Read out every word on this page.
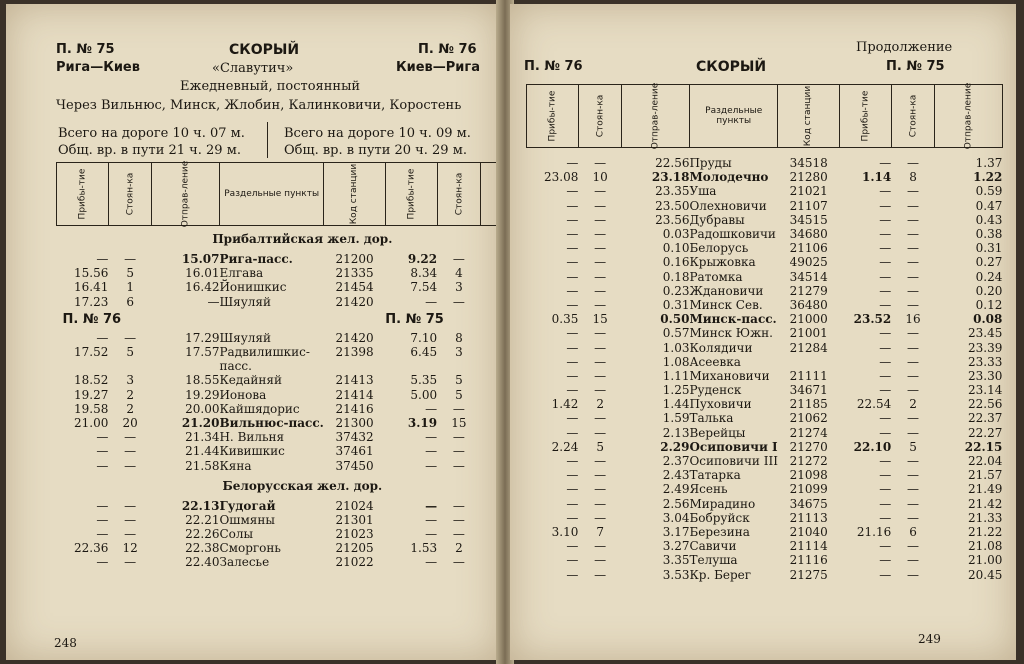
П. № 75	СКОРЫЙ	П. № 76
Рига—Киев	«Славутич»	Киев—Рига
Ежедневный, постоянный
Через Вильнюс, Минск, Жлобин, Калинковичи, Коростень
Всего на дороге 10 ч. 07 м.
Общ. вр. в пути 21 ч. 29 м.
Всего на дороге 10 ч. 09 м.
Общ. вр. в пути 20 ч. 29 м.
Прибы-тие	Стоян-ка	Отправ-ление	Раздельные пункты	Код станции	Прибы-тие	Стоян-ка	
Прибалтийская жел. дор.							
—	—	15.07	Рига-пасс.	21200	9.22	—	
15.56	5	16.01	Елгава	21335	8.34	4	
16.41	1	16.42	Йонишкис	21454	7.54	3	
17.23	6	—	Шяуляй	21420	—	—	
П. № 76					П. № 75		
—	—	17.29	Шяуляй	21420	7.10	8	
17.52	5	17.57	Радвилишкис-	21398	6.45	3	
			пасс.				
18.52	3	18.55	Кедайняй	21413	5.35	5	
19.27	2	19.29	Ионова	21414	5.00	5	
19.58	2	20.00	Кайшядорис	21416	—	—	
21.00	20	21.20	Вильнюс-пасс.	21300	3.19	15	
—	—	21.34	Н. Вильня	37432	—	—	
—	—	21.44	Кивишкис	37461	—	—	
—	—	21.58	Кяна	37450	—	—	
Белорусская жел. дор.							
—	—	22.13	Гудогай	21024	—	—	
—	—	22.21	Ошмяны	21301	—	—	
—	—	22.26	Солы	21023	—	—	
22.36	12	22.38	Сморгонь	21205	1.53	2	
—	—	22.40	Залесье	21022	—	—	
248
Продолжение
П. № 76	СКОРЫЙ	П. № 75
Прибы-тие	Стоян-ка	Отправ-ление	Раздельные пункты	Код станции	Прибы-тие	Стоян-ка	Отправ-ление

—	—	22.56	Пруды	34518	—	—	1.37
23.08	10	23.18	Молодечно	21280	1.14	8	1.22
—	—	23.35	Уша	21021	—	—	0.59
—	—	23.50	Олехновичи	21107	—	—	0.47
—	—	23.56	Дубравы	34515	—	—	0.43
—	—	0.03	Радошковичи	34680	—	—	0.38
—	—	0.10	Белорусь	21106	—	—	0.31
—	—	0.16	Крыжовка	49025	—	—	0.27
—	—	0.18	Ратомка	34514	—	—	0.24
—	—	0.23	Ждановичи	21279	—	—	0.20
—	—	0.31	Минск Сев.	36480	—	—	0.12
0.35	15	0.50	Минск-пасс.	21000	23.52	16	0.08
—	—	0.57	Минск Южн.	21001	—	—	23.45
—	—	1.03	Колядичи	21284	—	—	23.39
—	—	1.08	Асеевка		—	—	23.33
—	—	1.11	Михановичи	21111	—	—	23.30
—	—	1.25	Руденск	34671	—	—	23.14
1.42	2	1.44	Пуховичи	21185	22.54	2	22.56
—	—	1.59	Талька	21062	—	—	22.37
—	—	2.13	Верейцы	21274	—	—	22.27
2.24	5	2.29	Осиповичи I	21270	22.10	5	22.15
—	—	2.37	Осиповичи III	21272	—	—	22.04
—	—	2.43	Татарка	21098	—	—	21.57
—	—	2.49	Ясень	21099	—	—	21.49
—	—	2.56	Мирадино	34675	—	—	21.42
—	—	3.04	Бобруйск	21113	—	—	21.33
3.10	7	3.17	Березина	21040	21.16	6	21.22
—	—	3.27	Савичи	21114	—	—	21.08
—	—	3.35	Телуша	21116	—	—	21.00
—	—	3.53	Кр. Берег	21275	—	—	20.45
249
